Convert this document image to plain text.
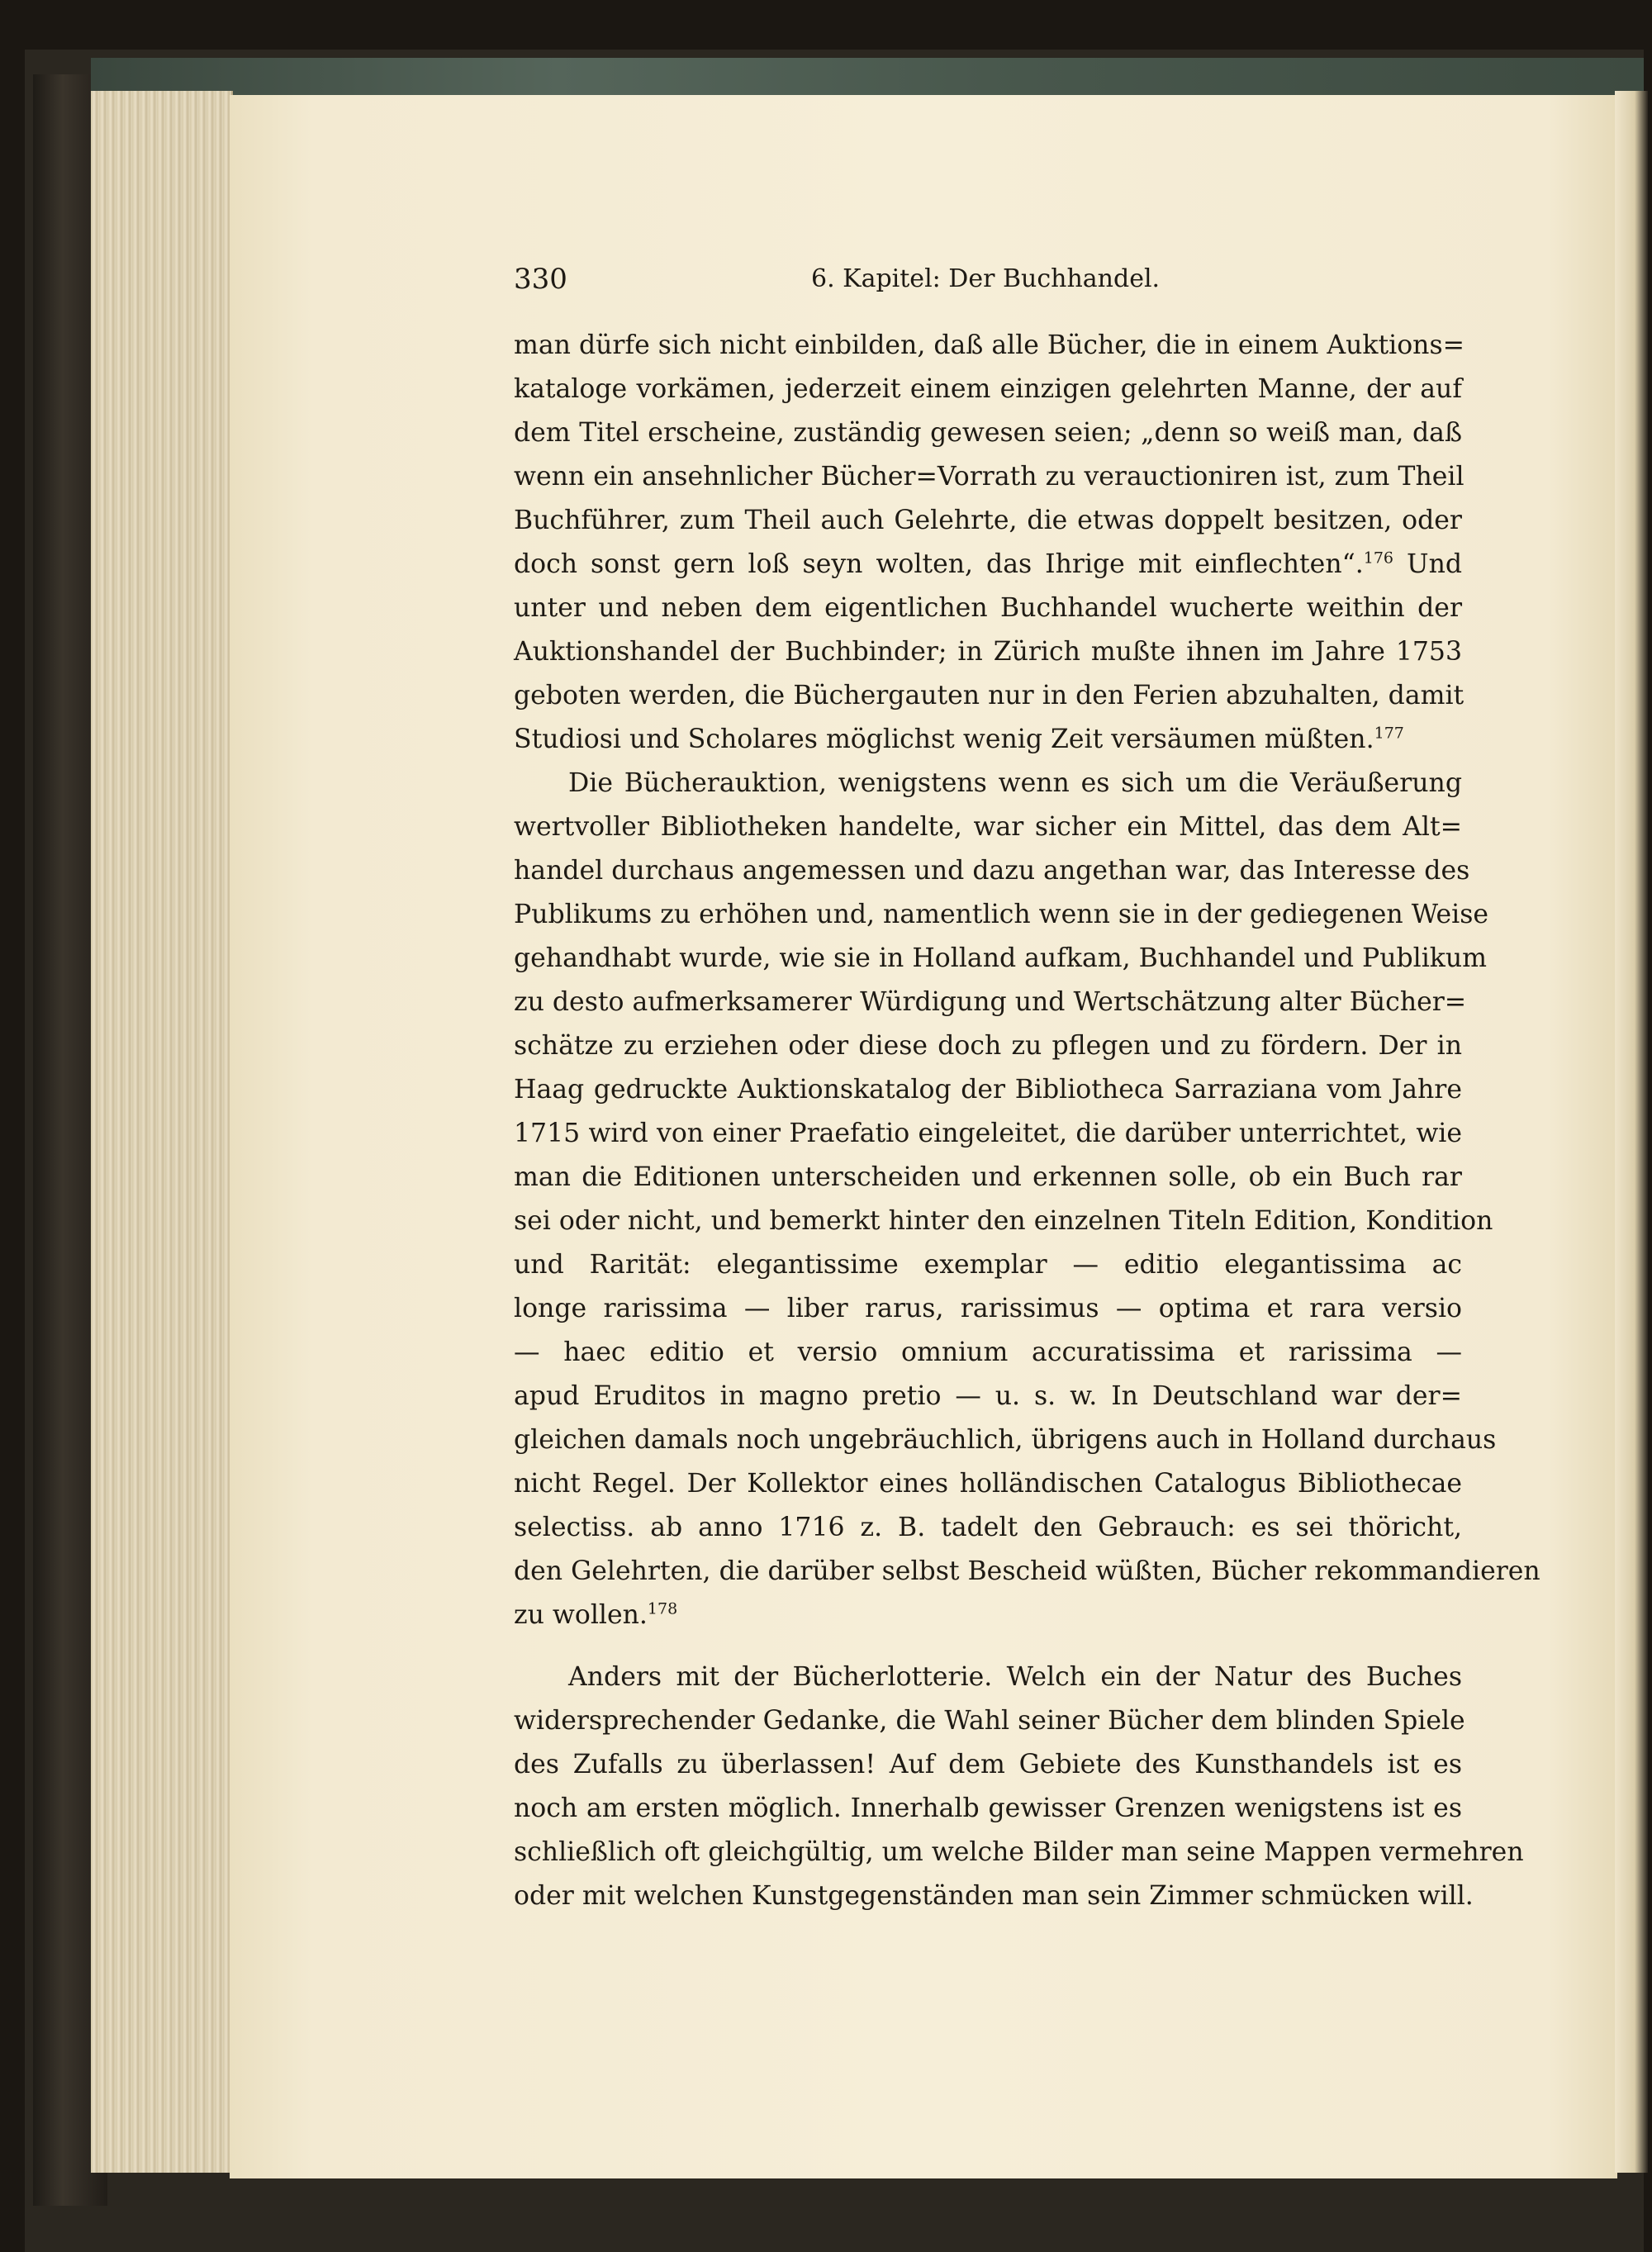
330	6. Kapitel: Der Buchhandel.
man dürfe sich nicht einbilden, daß alle Bücher, die in einem Auktions=
kataloge vorkämen, jederzeit einem einzigen gelehrten Manne, der auf
dem Titel erscheine, zuständig gewesen seien; „denn so weiß man, daß
wenn ein ansehnlicher Bücher=Vorrath zu verauctioniren ist, zum Theil
Buchführer, zum Theil auch Gelehrte, die etwas doppelt besitzen, oder
doch sonst gern loß seyn wolten, das Ihrige mit einflechten“.$^{176}$ Und
unter und neben dem eigentlichen Buchhandel wucherte weithin der
Auktionshandel der Buchbinder; in Zürich mußte ihnen im Jahre 1753
geboten werden, die Büchergauten nur in den Ferien abzuhalten, damit
Studiosi und Scholares möglichst wenig Zeit versäumen müßten.$^{177}$
Die Bücherauktion, wenigstens wenn es sich um die Veräußerung
wertvoller Bibliotheken handelte, war sicher ein Mittel, das dem Alt=
handel durchaus angemessen und dazu angethan war, das Interesse des
Publikums zu erhöhen und, namentlich wenn sie in der gediegenen Weise
gehandhabt wurde, wie sie in Holland aufkam, Buchhandel und Publikum
zu desto aufmerksamerer Würdigung und Wertschätzung alter Bücher=
schätze zu erziehen oder diese doch zu pflegen und zu fördern. Der in
Haag gedruckte Auktionskatalog der Bibliotheca Sarraziana vom Jahre
1715 wird von einer Praefatio eingeleitet, die darüber unterrichtet, wie
man die Editionen unterscheiden und erkennen solle, ob ein Buch rar
sei oder nicht, und bemerkt hinter den einzelnen Titeln Edition, Kondition
und Rarität: elegantissime exemplar — editio elegantissima ac
longe rarissima — liber rarus, rarissimus — optima et rara versio
— haec editio et versio omnium accuratissima et rarissima —
apud Eruditos in magno pretio — u. s. w. In Deutschland war der=
gleichen damals noch ungebräuchlich, übrigens auch in Holland durchaus
nicht Regel. Der Kollektor eines holländischen Catalogus Bibliothecae
selectiss. ab anno 1716 z. B. tadelt den Gebrauch: es sei thöricht,
den Gelehrten, die darüber selbst Bescheid wüßten, Bücher rekommandieren
zu wollen.$^{178}$
Anders mit der Bücherlotterie. Welch ein der Natur des Buches
widersprechender Gedanke, die Wahl seiner Bücher dem blinden Spiele
des Zufalls zu überlassen! Auf dem Gebiete des Kunsthandels ist es
noch am ersten möglich. Innerhalb gewisser Grenzen wenigstens ist es
schließlich oft gleichgültig, um welche Bilder man seine Mappen vermehren
oder mit welchen Kunstgegenständen man sein Zimmer schmücken will.
